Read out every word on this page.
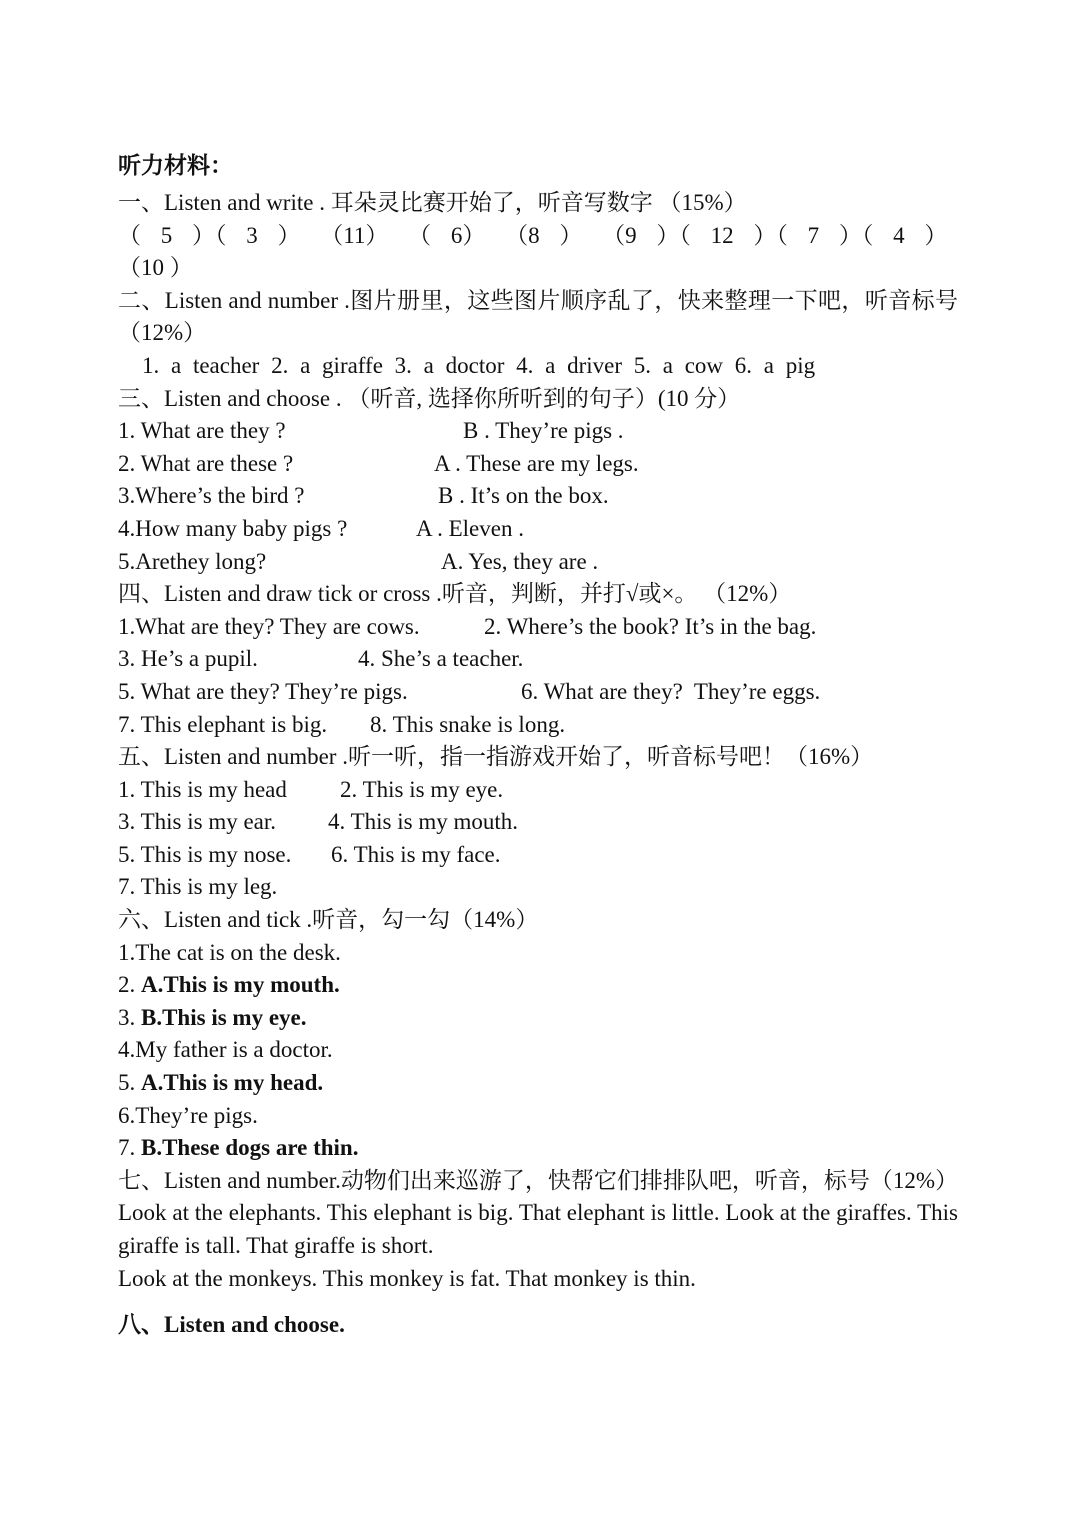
听力材料：
一、Listen and write . 耳朵灵比赛开始了，听音写数字 （15%）
（ 5 ）（ 3 ） （11） （ 6） （8 ） （9 ）（ 12 ）（ 7 ）（ 4 ）
（10 ）
二、Listen and number .图片册里，这些图片顺序乱了，快来整理一下吧，听音标号 （12%）
1. a teacher 2. a giraffe 3. a doctor 4. a driver 5. a cow 6. a pig
三、Listen and choose . （听音, 选择你所听到的句子）(10 分）
1. What are they ?	B . They’re pigs .
2. What are these ?	A . These are my legs.
3.Where’s the bird ?	B . It’s on the box.
4.How many baby pigs ?	A . Eleven .
5.Arethey long?	A. Yes, they are .
四、Listen and draw tick or cross .听音，判断，并打√或×。 （12%）
1.What are they? They are cows.	2. Where’s the book? It’s in the bag.
3. He’s a pupil.	4. She’s a teacher.
5. What are they? They’re pigs.	6. What are they?  They’re eggs.
7. This elephant is big. 8. This snake is long.
五、Listen and number .听一听，指一指游戏开始了，听音标号吧！（16%）
1. This is my head 2. This is my eye.
3. This is my ear. 4. This is my mouth.
5. This is my nose. 6. This is my face.
7. This is my leg.
六、Listen and tick .听音，勾一勾（14%）
1.The cat is on the desk.
2. A.This is my mouth.
3. B.This is my eye.
4.My father is a doctor.
5. A.This is my head.
6.They’re pigs.
7. B.These dogs are thin.
七、Listen and number.动物们出来巡游了，快帮它们排排队吧，听音，标号（12%）
Look at the elephants. This elephant is big. That elephant is little. Look at the giraffes. This giraffe is tall. That giraffe is short.
Look at the monkeys. This monkey is fat. That monkey is thin.
八、Listen and choose.
